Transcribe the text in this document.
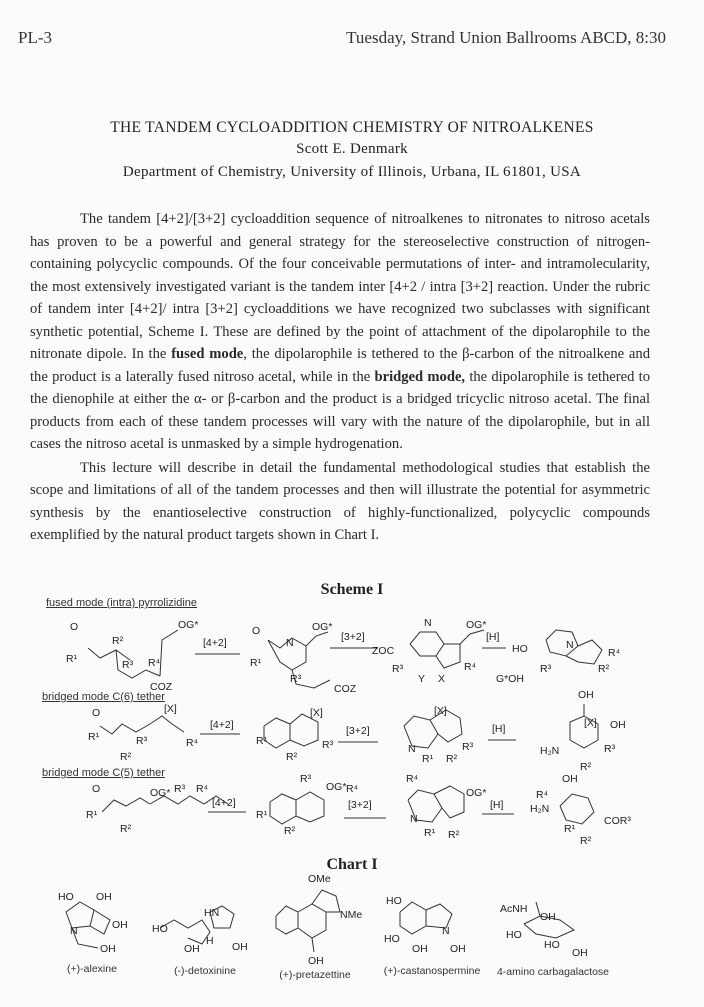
PL-3	Tuesday, Strand Union Ballrooms ABCD, 8:30
THE TANDEM CYCLOADDITION CHEMISTRY OF NITROALKENES
Scott E. Denmark
Department of Chemistry, University of Illinois, Urbana, IL 61801, USA

The tandem [4+2]/[3+2] cycloaddition sequence of nitroalkenes to nitronates to nitroso acetals has proven to be a powerful and general strategy for the stereoselective construction of nitrogen-containing polycyclic compounds. Of the four conceivable permutations of inter- and intramolecularity, the most extensively investigated variant is the tandem inter [4+2 / intra [3+2] reaction. Under the rubric of tandem inter [4+2]/ intra [3+2] cycloadditions we have recognized two subclasses with significant synthetic potential, Scheme I. These are defined by the point of attachment of the dipolarophile to the nitronate dipole. In the fused mode, the dipolarophile is tethered to the β-carbon of the nitroalkene and the product is a laterally fused nitroso acetal, while in the bridged mode, the dipolarophile is tethered to the dienophile at either the α- or β-carbon and the product is a bridged tricyclic nitroso acetal. The final products from each of these tandem processes will vary with the nature of the dipolarophile, but in all cases the nitroso acetal is unmasked by a simple hydrogenation.

This lecture will describe in detail the fundamental methodological studies that establish the scope and limitations of all of the tandem processes and then will illustrate the potential for asymmetric synthesis by the enantioselective construction of highly-functionalized, polycyclic compounds exemplified by the natural product targets shown in Chart I.

Scheme I
fused mode (intra) pyrrolizidine
bridged mode C(6) tether
bridged mode C(5) tether
O
R¹
R²
R³ R⁴
OG*
COZ
[4+2]
O
N
OG*
R¹
COZ
R³
[3+2]
ZOC
N	OG*
R³	R⁴
Y X
[H]
G*OH
HO	N
R⁴
R³	R²
O
R¹	R³
R²
[X]
R⁴
[4+2]
R¹
[X]
R²
R³
[3+2]
[X]
N	R³
R¹ R²
[H]
OH
[X] OH
H₂N	R³
R²
O
R¹
R²
OG* R³ R⁴
[4+2]
R³
OG* R⁴
R¹
R²
[3+2]
R⁴
OG*
N
R¹ R²
[H]
OH
R⁴
H₂N
COR³
R¹
R²
Chart I
OMe
HO OH
OH
N
OH
HN
HO
OH
H OH
NMe
OH
HO
HO
OH
N
OH
AcNH
OH
HO
HO
OH
(+)-alexine	(-)-detoxinine	(+)-pretazettine	(+)-castanospermine	4-amino carbagalactose
